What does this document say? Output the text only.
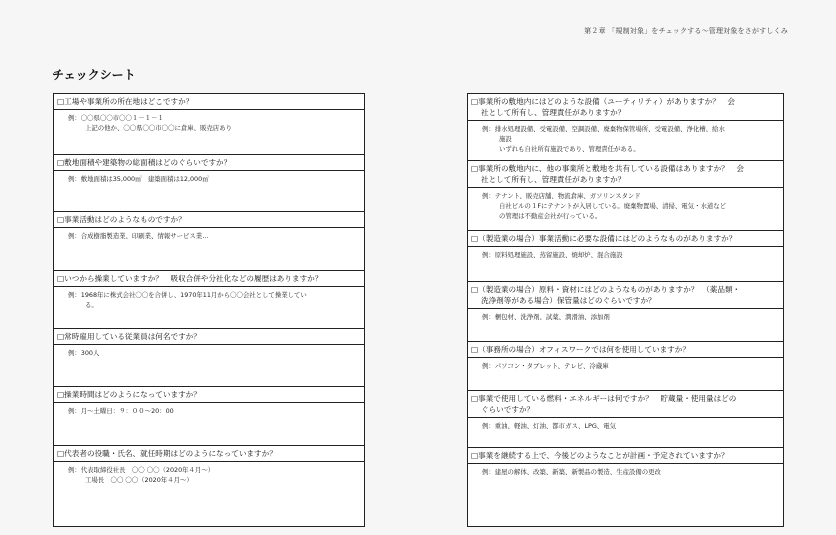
第２章 「規制対象」をチェックする〜管理対象をさがすしくみ
チェックシート
□工場や事業所の所在地はどこですか？
例：〇〇県〇〇市〇〇１－１－１
上記の他か、〇〇県〇〇市〇〇に倉庫、販売店あり
□敷地面積や建築物の総面積はどのぐらいですか？
例：敷地面積は35,000㎡　建築面積は12,000㎡
□事業活動はどのようなものですか？
例：合成樹脂製造業、印刷業、情報サービス業…
□いつから操業していますか？　吸収合併や分社化などの履歴はありますか？
例：1968年に株式会社〇〇を合併し、1970年11月から〇〇会社として操業してい
る。
□常時雇用している従業員は何名ですか？
例：300人
□操業時間はどのようになっていますか？
例：月～土曜日：９：００～20：00
□代表者の役職・氏名、就任時期はどのようになっていますか？
例：代表取締役社長　〇〇 〇〇（2020年４月～）
工場長　〇〇 〇〇（2020年４月～）
□事業所の敷地内にはどのような設備（ユーティリティ）がありますか？　会
社として所有し、管理責任がありますか？
例：排水処理設備、受電設備、空調設備、廃棄物保管場所、受電設備、浄化槽、給水
施設
いずれも自社所有施設であり、管理責任がある。
□事業所の敷地内に、他の事業所と敷地を共有している設備はありますか？　会
社として所有し、管理責任がありますか？
例：テナント、販売店舗、物流倉庫、ガソリンスタンド
自社ビルの１Fにテナントが入居している。廃棄物置場、清掃、電気・水道など
の管理は不動産会社が行っている。
□（製造業の場合）事業活動に必要な設備にはどのようなものがありますか？
例：原料処理施設、蒸留施設、焼却炉、混合施設
□（製造業の場合）原料・資材にはどのようなものがありますか？　（薬品類・
洗浄剤等がある場合）保管量はどのぐらいですか？
例：梱包材、洗浄剤、試薬、潤滑油、添加剤
□（事務所の場合）オフィスワークでは何を使用していますか？
例：パソコン・タブレット、テレビ、冷蔵庫
□事業で使用している燃料・エネルギーは何ですか？　貯蔵量・使用量はどの
ぐらいですか？
例：重油、軽油、灯油、都市ガス、LPG、電気
□事業を継続する上で、今後どのようなことが計画・予定されていますか？
例：建屋の解体、改築、新築、新製品の製造、生産設備の更改
